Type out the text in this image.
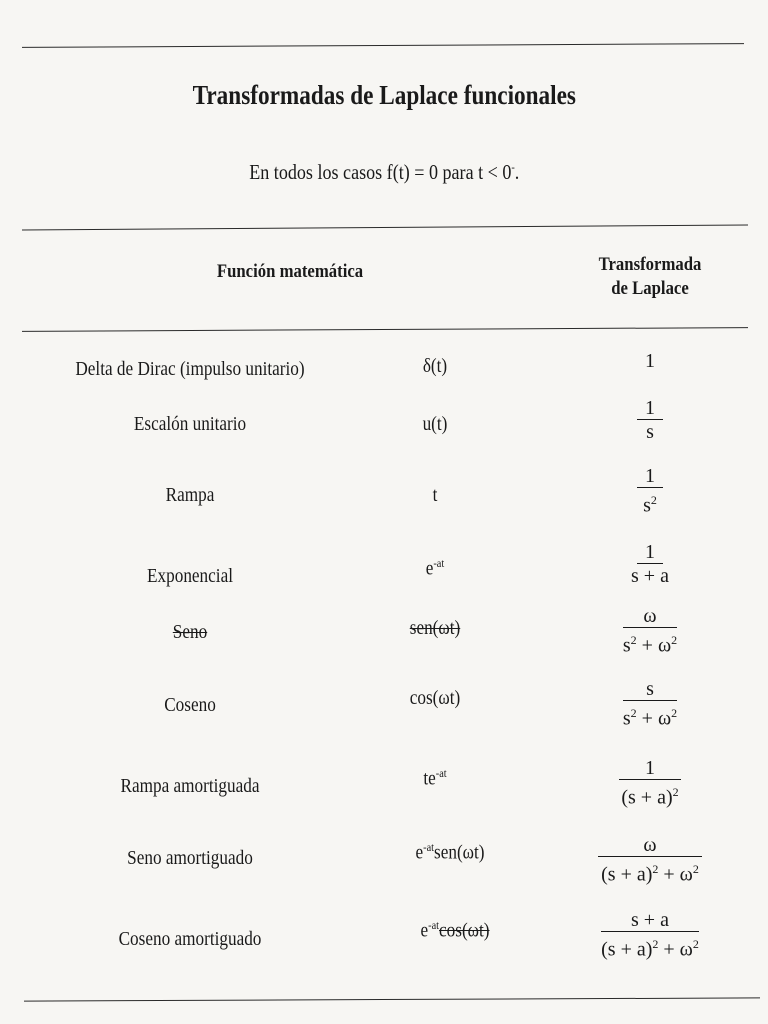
Transformadas de Laplace funcionales
En todos los casos f(t) = 0 para t < 0-.
Función matemática	Transformada
de Laplace
Delta de Dirac (impulso unitario)	δ(t)	1
Escalón unitario	u(t)	$\frac{1}{s}$
Rampa	t	$\frac{1}{s^2}$
Exponencial	$e^{-at}$	$\frac{1}{s + a}$
Seno	sen(ωt)	$\frac{\omega}{s^2 + \omega^2}$
Coseno	cos(ωt)	$\frac{s}{s^2 + \omega^2}$
Rampa amortiguada	$te^{-at}$	$\frac{1}{(s + a)^2}$
Seno amortiguado	$e^{-at}sen(\omega t)$	$\frac{\omega}{(s + a)^2 + \omega^2}$
Coseno amortiguado	$e^{-at}\cos(\omega t)$	$\frac{s + a}{(s + a)^2 + \omega^2}$
